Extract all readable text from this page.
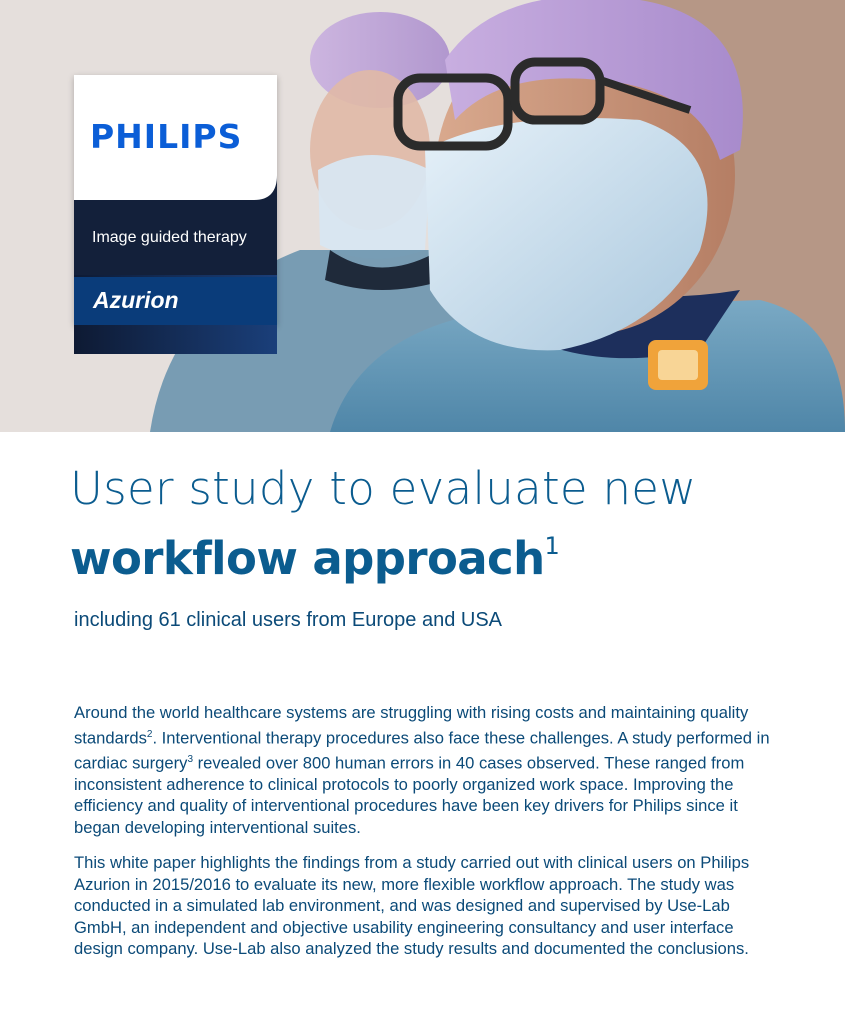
PHILIPS
Image guided therapy
Azurion
User study to evaluate new
workflow approach$^1$
including 61 clinical users from Europe and USA

Around the world healthcare systems are struggling with rising costs and maintaining quality standards$^2$. Interventional therapy procedures also face these challenges. A study performed in cardiac surgery$^3$ revealed over 800 human errors in 40 cases observed. These ranged from inconsistent adherence to clinical protocols to poorly organized work space. Improving the efficiency and quality of interventional procedures have been key drivers for Philips since it began developing interventional suites.

This white paper highlights the findings from a study carried out with clinical users on Philips Azurion in 2015/2016 to evaluate its new, more flexible workflow approach. The study was conducted in a simulated lab environment, and was designed and supervised by Use-Lab GmbH, an independent and objective usability engineering consultancy and user interface design company. Use-Lab also analyzed the study results and documented the conclusions.
